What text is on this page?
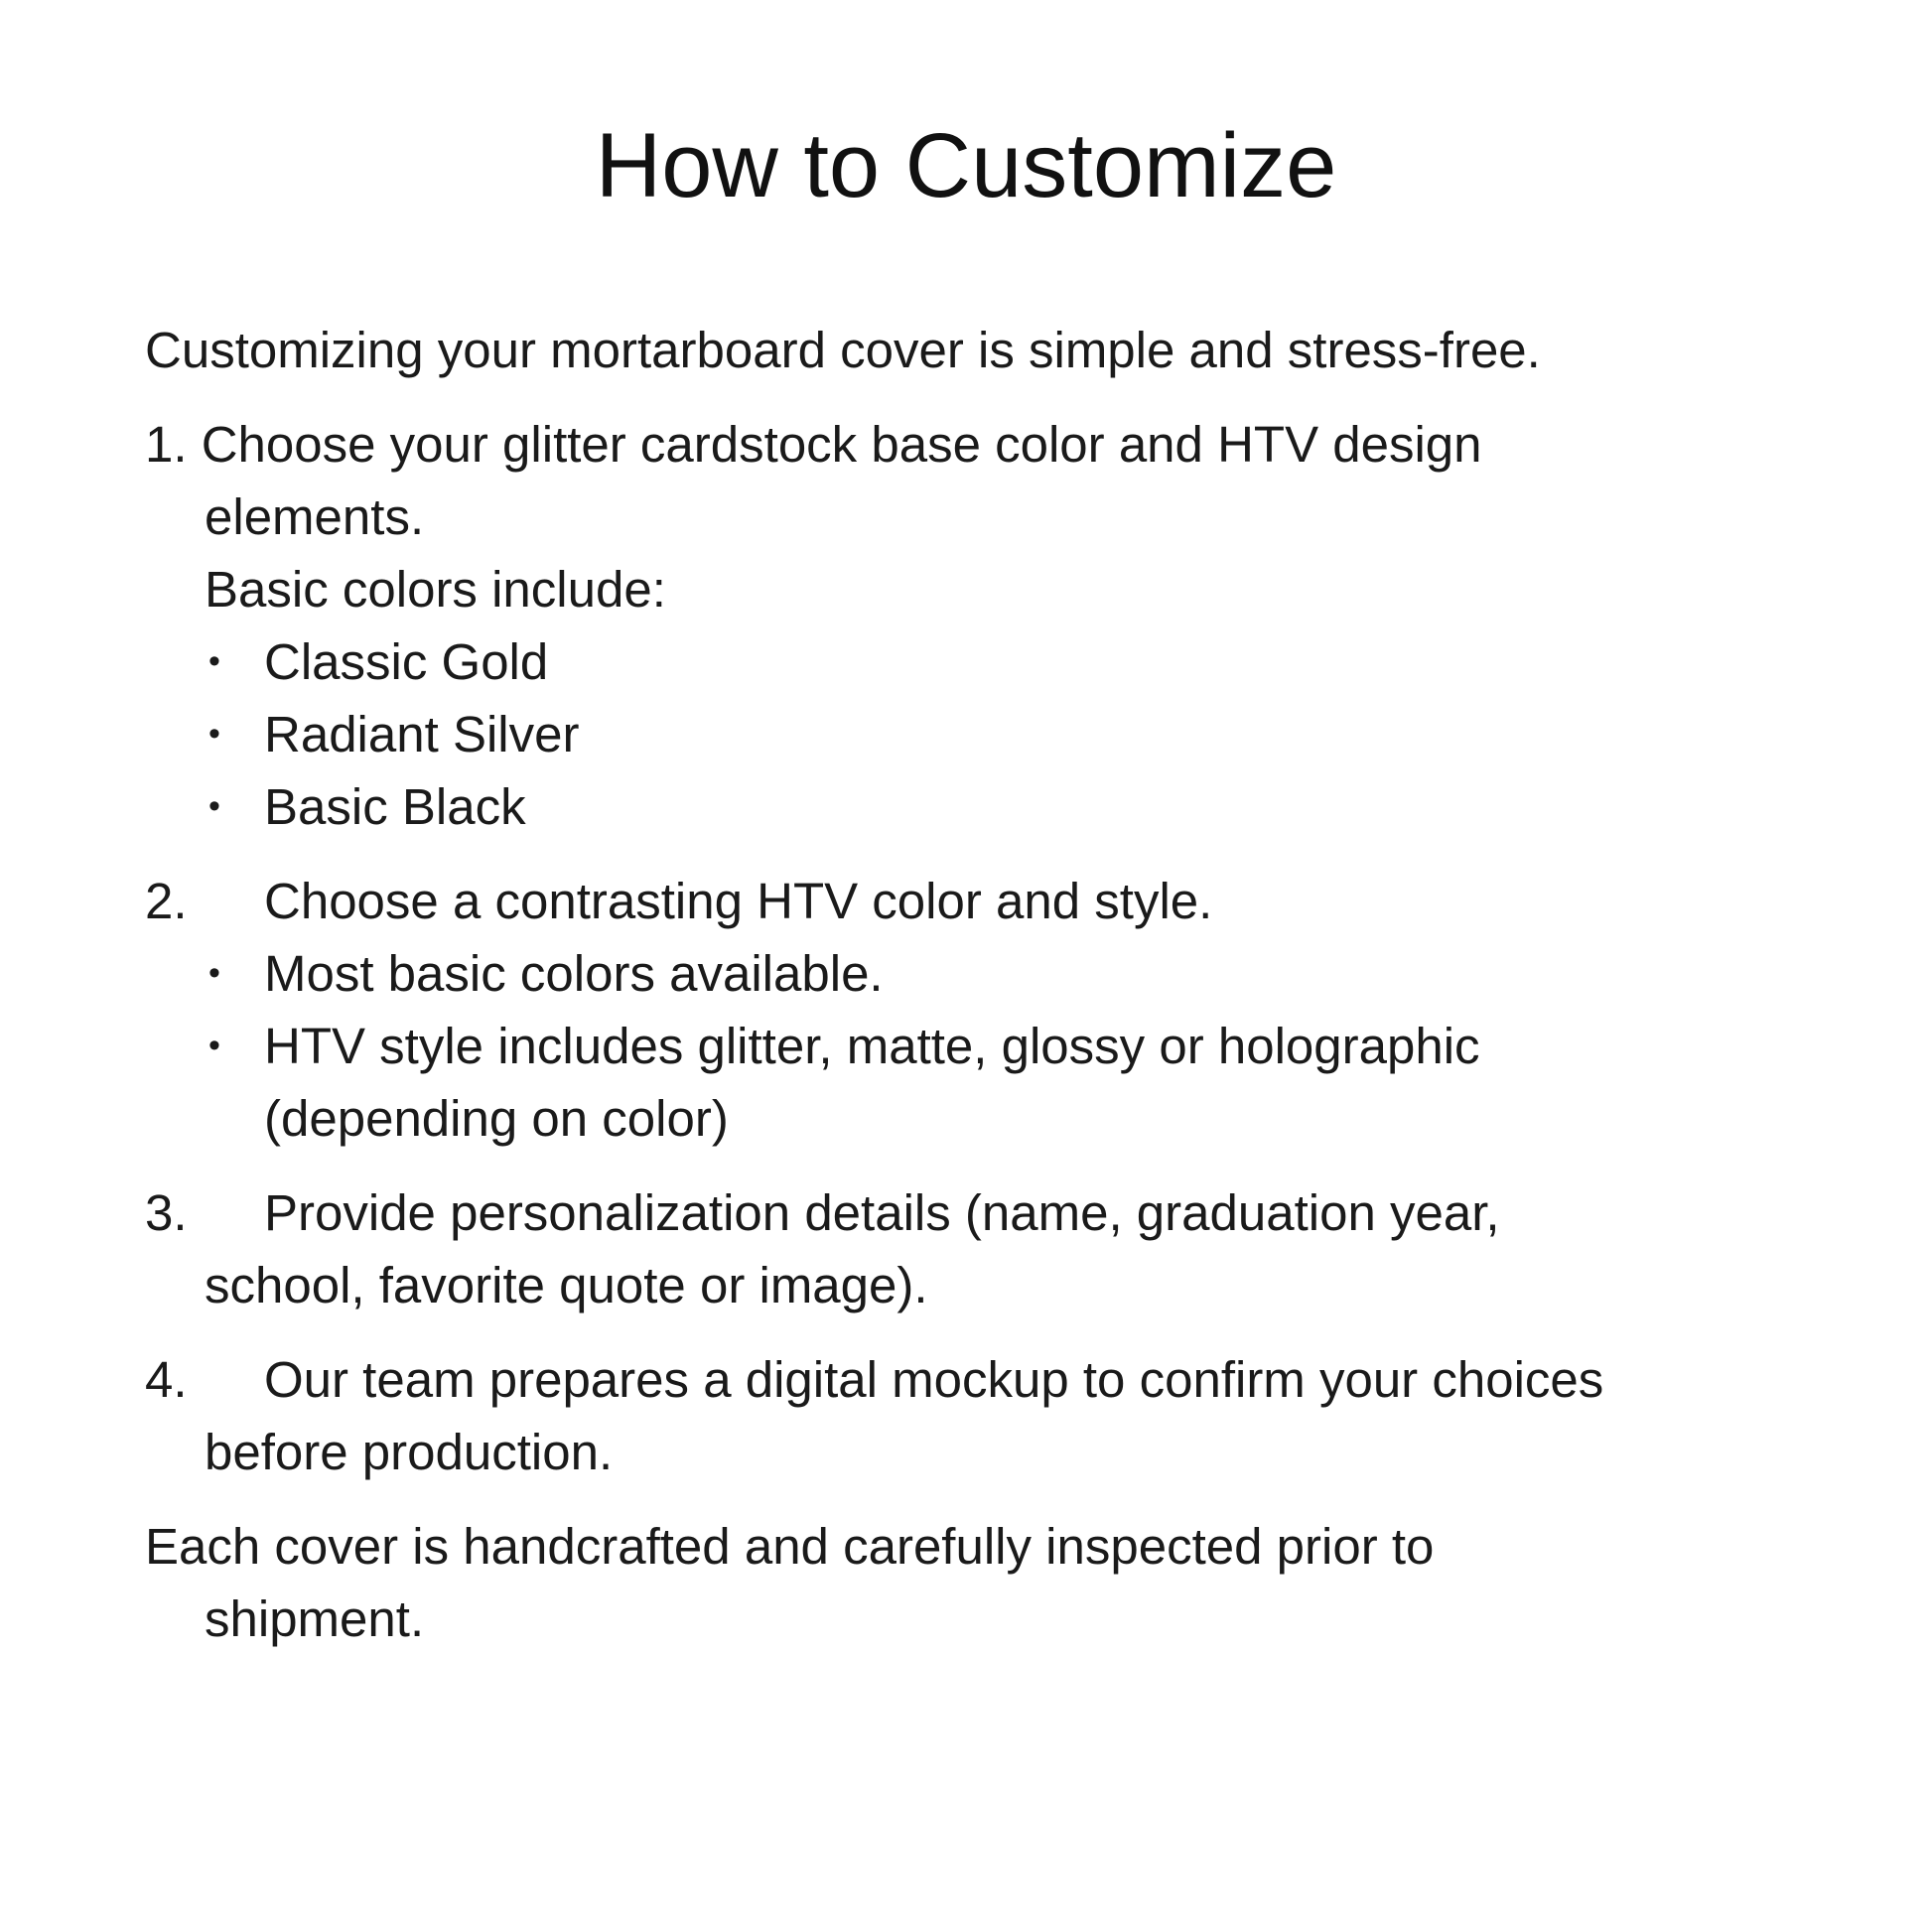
How to Customize

Customizing your mortarboard cover is simple and stress-free.

1. Choose your glitter cardstock base color and HTV design
elements.
Basic colors include:
• Classic Gold
• Radiant Silver
• Basic Black
2. Choose a contrasting HTV color and style.
• Most basic colors available.
• HTV style includes glitter, matte, glossy or holographic
(depending on color)
3. Provide personalization details (name, graduation year,
school, favorite quote or image).
4. Our team prepares a digital mockup to confirm your choices
before production.
Each cover is handcrafted and carefully inspected prior to
shipment.
